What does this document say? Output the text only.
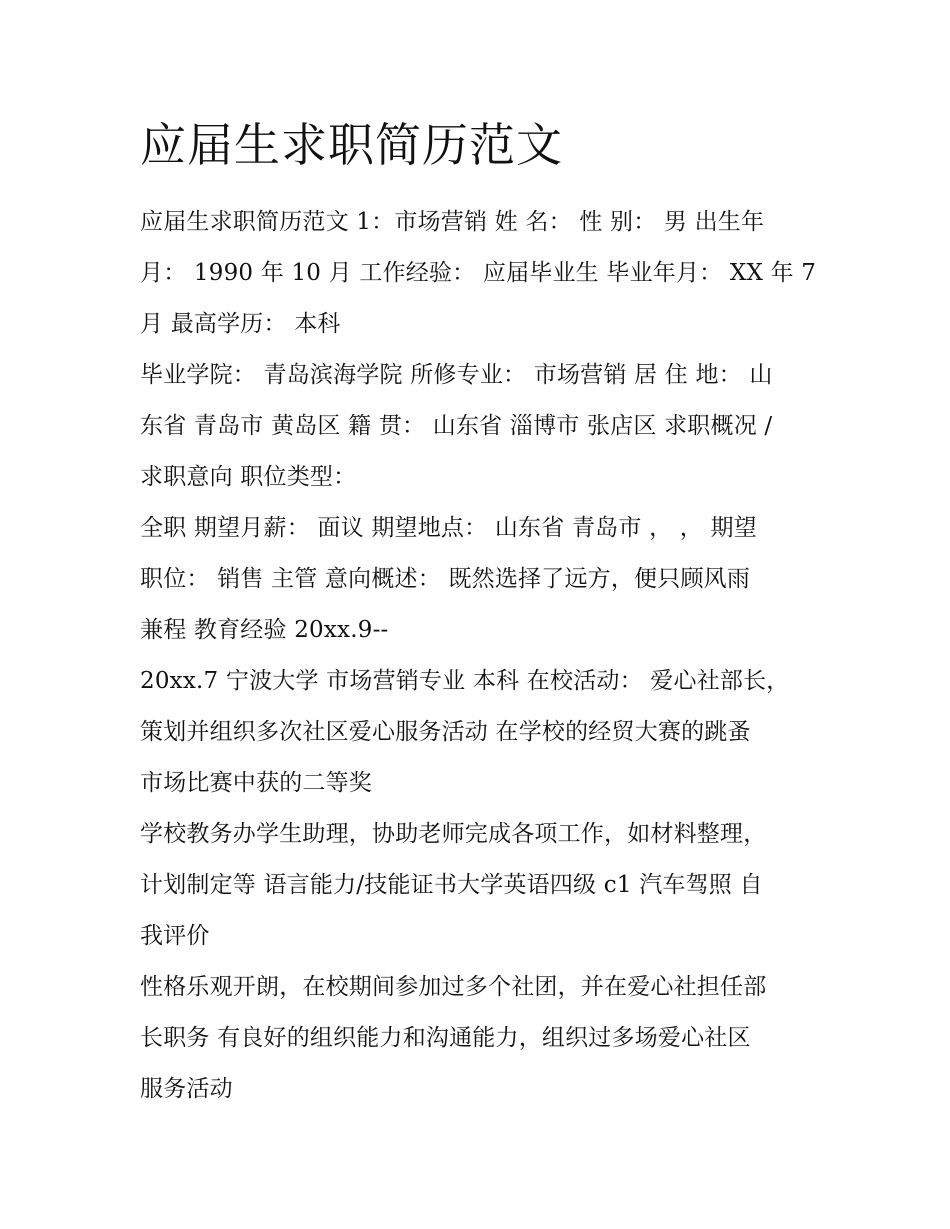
应届生求职简历范文

应届生求职简历范文 1：市场营销 姓 名： 性 别： 男 出生年

月： 1990 年 10 月 工作经验： 应届毕业生 毕业年月： XX 年 7

月 最高学历： 本科

毕业学院： 青岛滨海学院 所修专业： 市场营销 居 住 地： 山

东省 青岛市 黄岛区 籍 贯： 山东省 淄博市 张店区 求职概况 /

求职意向 职位类型：

全职 期望月薪： 面议 期望地点： 山东省 青岛市 ， ， 期望

职位： 销售 主管 意向概述： 既然选择了远方，便只顾风雨

兼程 教育经验 20xx.9--

20xx.7 宁波大学 市场营销专业 本科 在校活动： 爱心社部长，

策划并组织多次社区爱心服务活动 在学校的经贸大赛的跳蚤

市场比赛中获的二等奖

学校教务办学生助理，协助老师完成各项工作，如材料整理，

计划制定等 语言能力/技能证书大学英语四级 c1 汽车驾照 自

我评价

性格乐观开朗，在校期间参加过多个社团，并在爱心社担任部

长职务 有良好的组织能力和沟通能力，组织过多场爱心社区

服务活动
